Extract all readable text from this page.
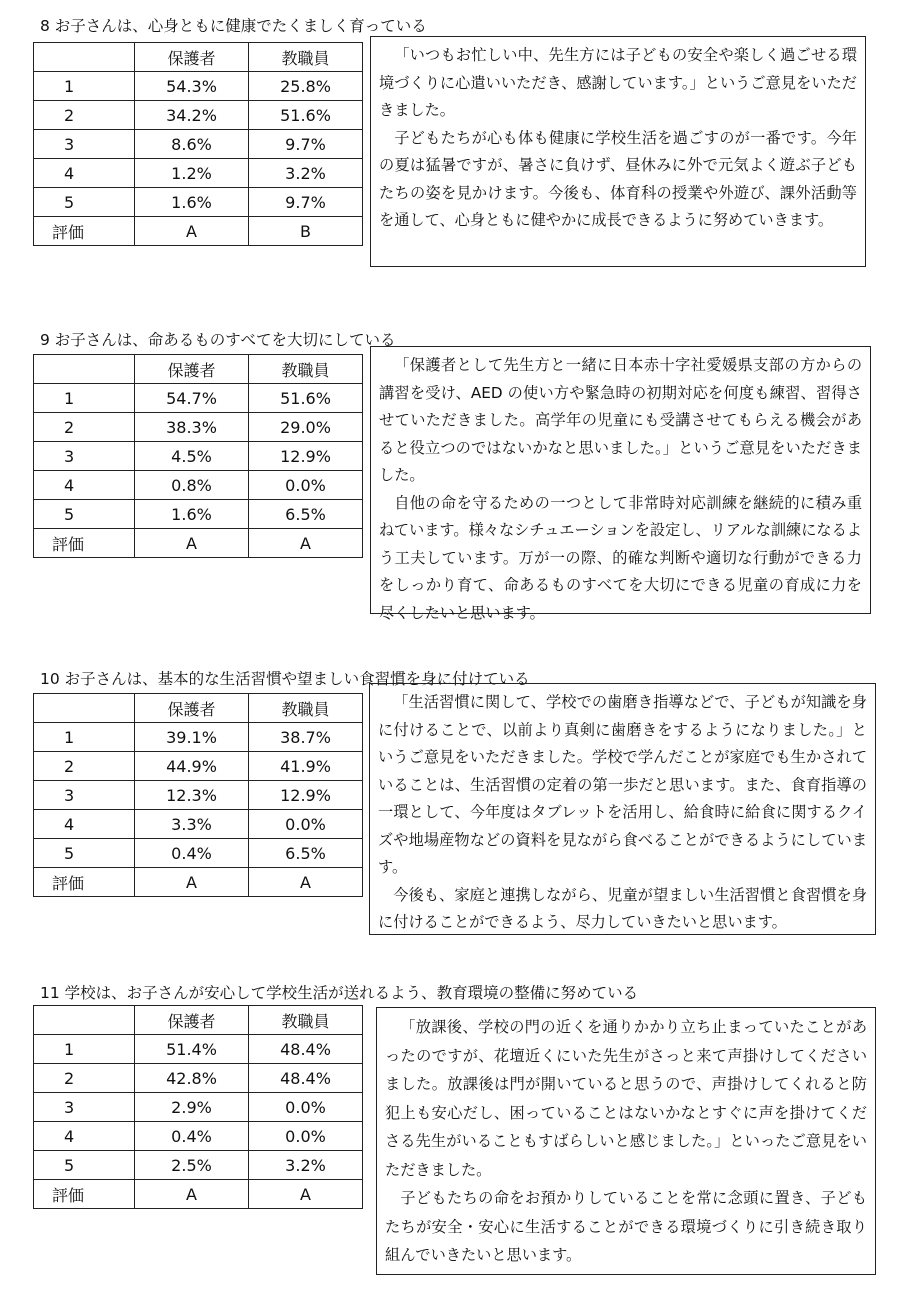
8 お子さんは、心身ともに健康でたくましく育っている
	保護者	教職員
1	54.3%	25.8%
2	34.2%	51.6%
3	8.6%	9.7%
4	1.2%	3.2%
5	1.6%	9.7%
評価	A	B

「いつもお忙しい中、先生方には子どもの安全や楽しく過ごせる環境づくりに心遣いいただき、感謝しています。」というご意見をいただきました。

子どもたちが心も体も健康に学校生活を過ごすのが一番です。今年の夏は猛暑ですが、暑さに負けず、昼休みに外で元気よく遊ぶ子どもたちの姿を見かけます。今後も、体育科の授業や外遊び、課外活動等を通して、心身ともに健やかに成長できるように努めていきます。

9 お子さんは、命あるものすべてを大切にしている
	保護者	教職員
1	54.7%	51.6%
2	38.3%	29.0%
3	4.5%	12.9%
4	0.8%	0.0%
5	1.6%	6.5%
評価	A	A

「保護者として先生方と一緒に日本赤十字社愛媛県支部の方からの講習を受け、AED の使い方や緊急時の初期対応を何度も練習、習得させていただきました。高学年の児童にも受講させてもらえる機会があると役立つのではないかなと思いました。」というご意見をいただきました。

自他の命を守るための一つとして非常時対応訓練を継続的に積み重ねています。様々なシチュエーションを設定し、リアルな訓練になるよう工夫しています。万が一の際、的確な判断や適切な行動ができる力をしっかり育て、命あるものすべてを大切にできる児童の育成に力を尽くしたいと思います。

10 お子さんは、基本的な生活習慣や望ましい食習慣を身に付けている
	保護者	教職員
1	39.1%	38.7%
2	44.9%	41.9%
3	12.3%	12.9%
4	3.3%	0.0%
5	0.4%	6.5%
評価	A	A

「生活習慣に関して、学校での歯磨き指導などで、子どもが知識を身に付けることで、以前より真剣に歯磨きをするようになりました。」というご意見をいただきました。学校で学んだことが家庭でも生かされていることは、生活習慣の定着の第一歩だと思います。また、食育指導の一環として、今年度はタブレットを活用し、給食時に給食に関するクイズや地場産物などの資料を見ながら食べることができるようにしています。

今後も、家庭と連携しながら、児童が望ましい生活習慣と食習慣を身に付けることができるよう、尽力していきたいと思います。

11 学校は、お子さんが安心して学校生活が送れるよう、教育環境の整備に努めている
	保護者	教職員
1	51.4%	48.4%
2	42.8%	48.4%
3	2.9%	0.0%
4	0.4%	0.0%
5	2.5%	3.2%
評価	A	A

「放課後、学校の門の近くを通りかかり立ち止まっていたことがあったのですが、花壇近くにいた先生がさっと来て声掛けしてくださいました。放課後は門が開いていると思うので、声掛けしてくれると防犯上も安心だし、困っていることはないかなとすぐに声を掛けてくださる先生がいることもすばらしいと感じました。」といったご意見をいただきました。

子どもたちの命をお預かりしていることを常に念頭に置き、子どもたちが安全・安心に生活することができる環境づくりに引き続き取り組んでいきたいと思います。
